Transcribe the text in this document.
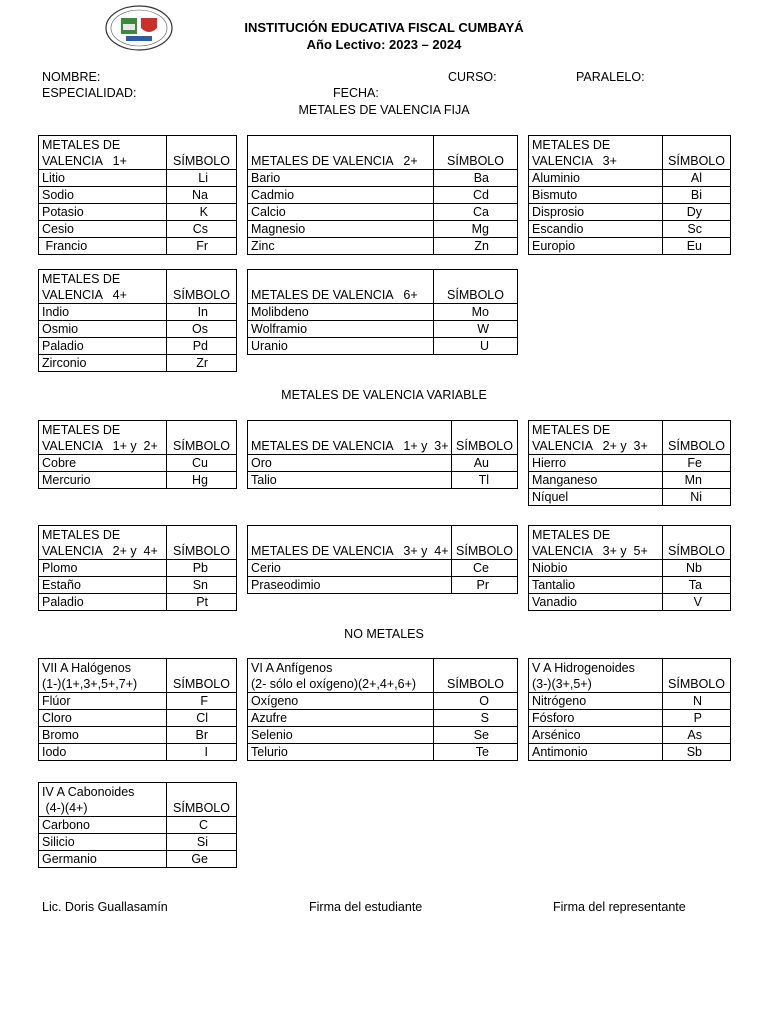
INSTITUCIÓN EDUCATIVA FISCAL CUMBAYÁ
Año Lectivo: 2023 – 2024
NOMBRE:	CURSO:	PARALELO:
ESPECIALIDAD:	FECHA:
METALES DE VALENCIA FIJA
METALES DE VALENCIA VARIABLE
NO METALES
METALES DE
VALENCIA   1+	SÍMBOLO
Litio	Li
Sodio	Na
Potasio	K
Cesio	Cs
Francio	Fr
METALES DE VALENCIA   2+	SÍMBOLO
Bario	Ba
Cadmio	Cd
Calcio	Ca
Magnesio	Mg
Zinc	Zn
METALES DE
VALENCIA   3+	SÍMBOLO
Aluminio	Al
Bismuto	Bi
Disprosio	Dy
Escandio	Sc
Europio	Eu
METALES DE
VALENCIA   4+	SÍMBOLO
Indio	In
Osmio	Os
Paladio	Pd
Zirconio	Zr
METALES DE VALENCIA   6+	SÍMBOLO
Molibdeno	Mo
Wolframio	W
Uranio	U
METALES DE
VALENCIA   1+ y  2+	SÍMBOLO
Cobre	Cu
Mercurio	Hg
METALES DE VALENCIA   1+ y  3+	SÍMBOLO
Oro	Au
Talio	Tl
METALES DE
VALENCIA   2+ y  3+	SÍMBOLO
Hierro	Fe
Manganeso	Mn
Níquel	Ni
METALES DE
VALENCIA   2+ y  4+	SÍMBOLO
Plomo	Pb
Estaño	Sn
Paladio	Pt
METALES DE VALENCIA   3+ y  4+	SÍMBOLO
Cerio	Ce
Praseodimio	Pr
METALES DE
VALENCIA   3+ y  5+	SÍMBOLO
Niobio	Nb
Tantalio	Ta
Vanadio	V
VII A Halógenos
(1-)(1+,3+,5+,7+)	SÍMBOLO
Flúor	F
Cloro	Cl
Bromo	Br
Iodo	I
VI A Anfígenos
(2- sólo el oxígeno)(2+,4+,6+)	SÍMBOLO
Oxígeno	O
Azufre	S
Selenio	Se
Telurio	Te
V A Hidrogenoides
(3-)(3+,5+)	SÍMBOLO
Nitrógeno	N
Fósforo	P
Arsénico	As
Antimonio	Sb
IV A Cabonoides
(4-)(4+)	SÍMBOLO
Carbono	C
Silicio	Si
Germanio	Ge
Lic. Doris Guallasamín	Firma del estudiante	Firma del representante
